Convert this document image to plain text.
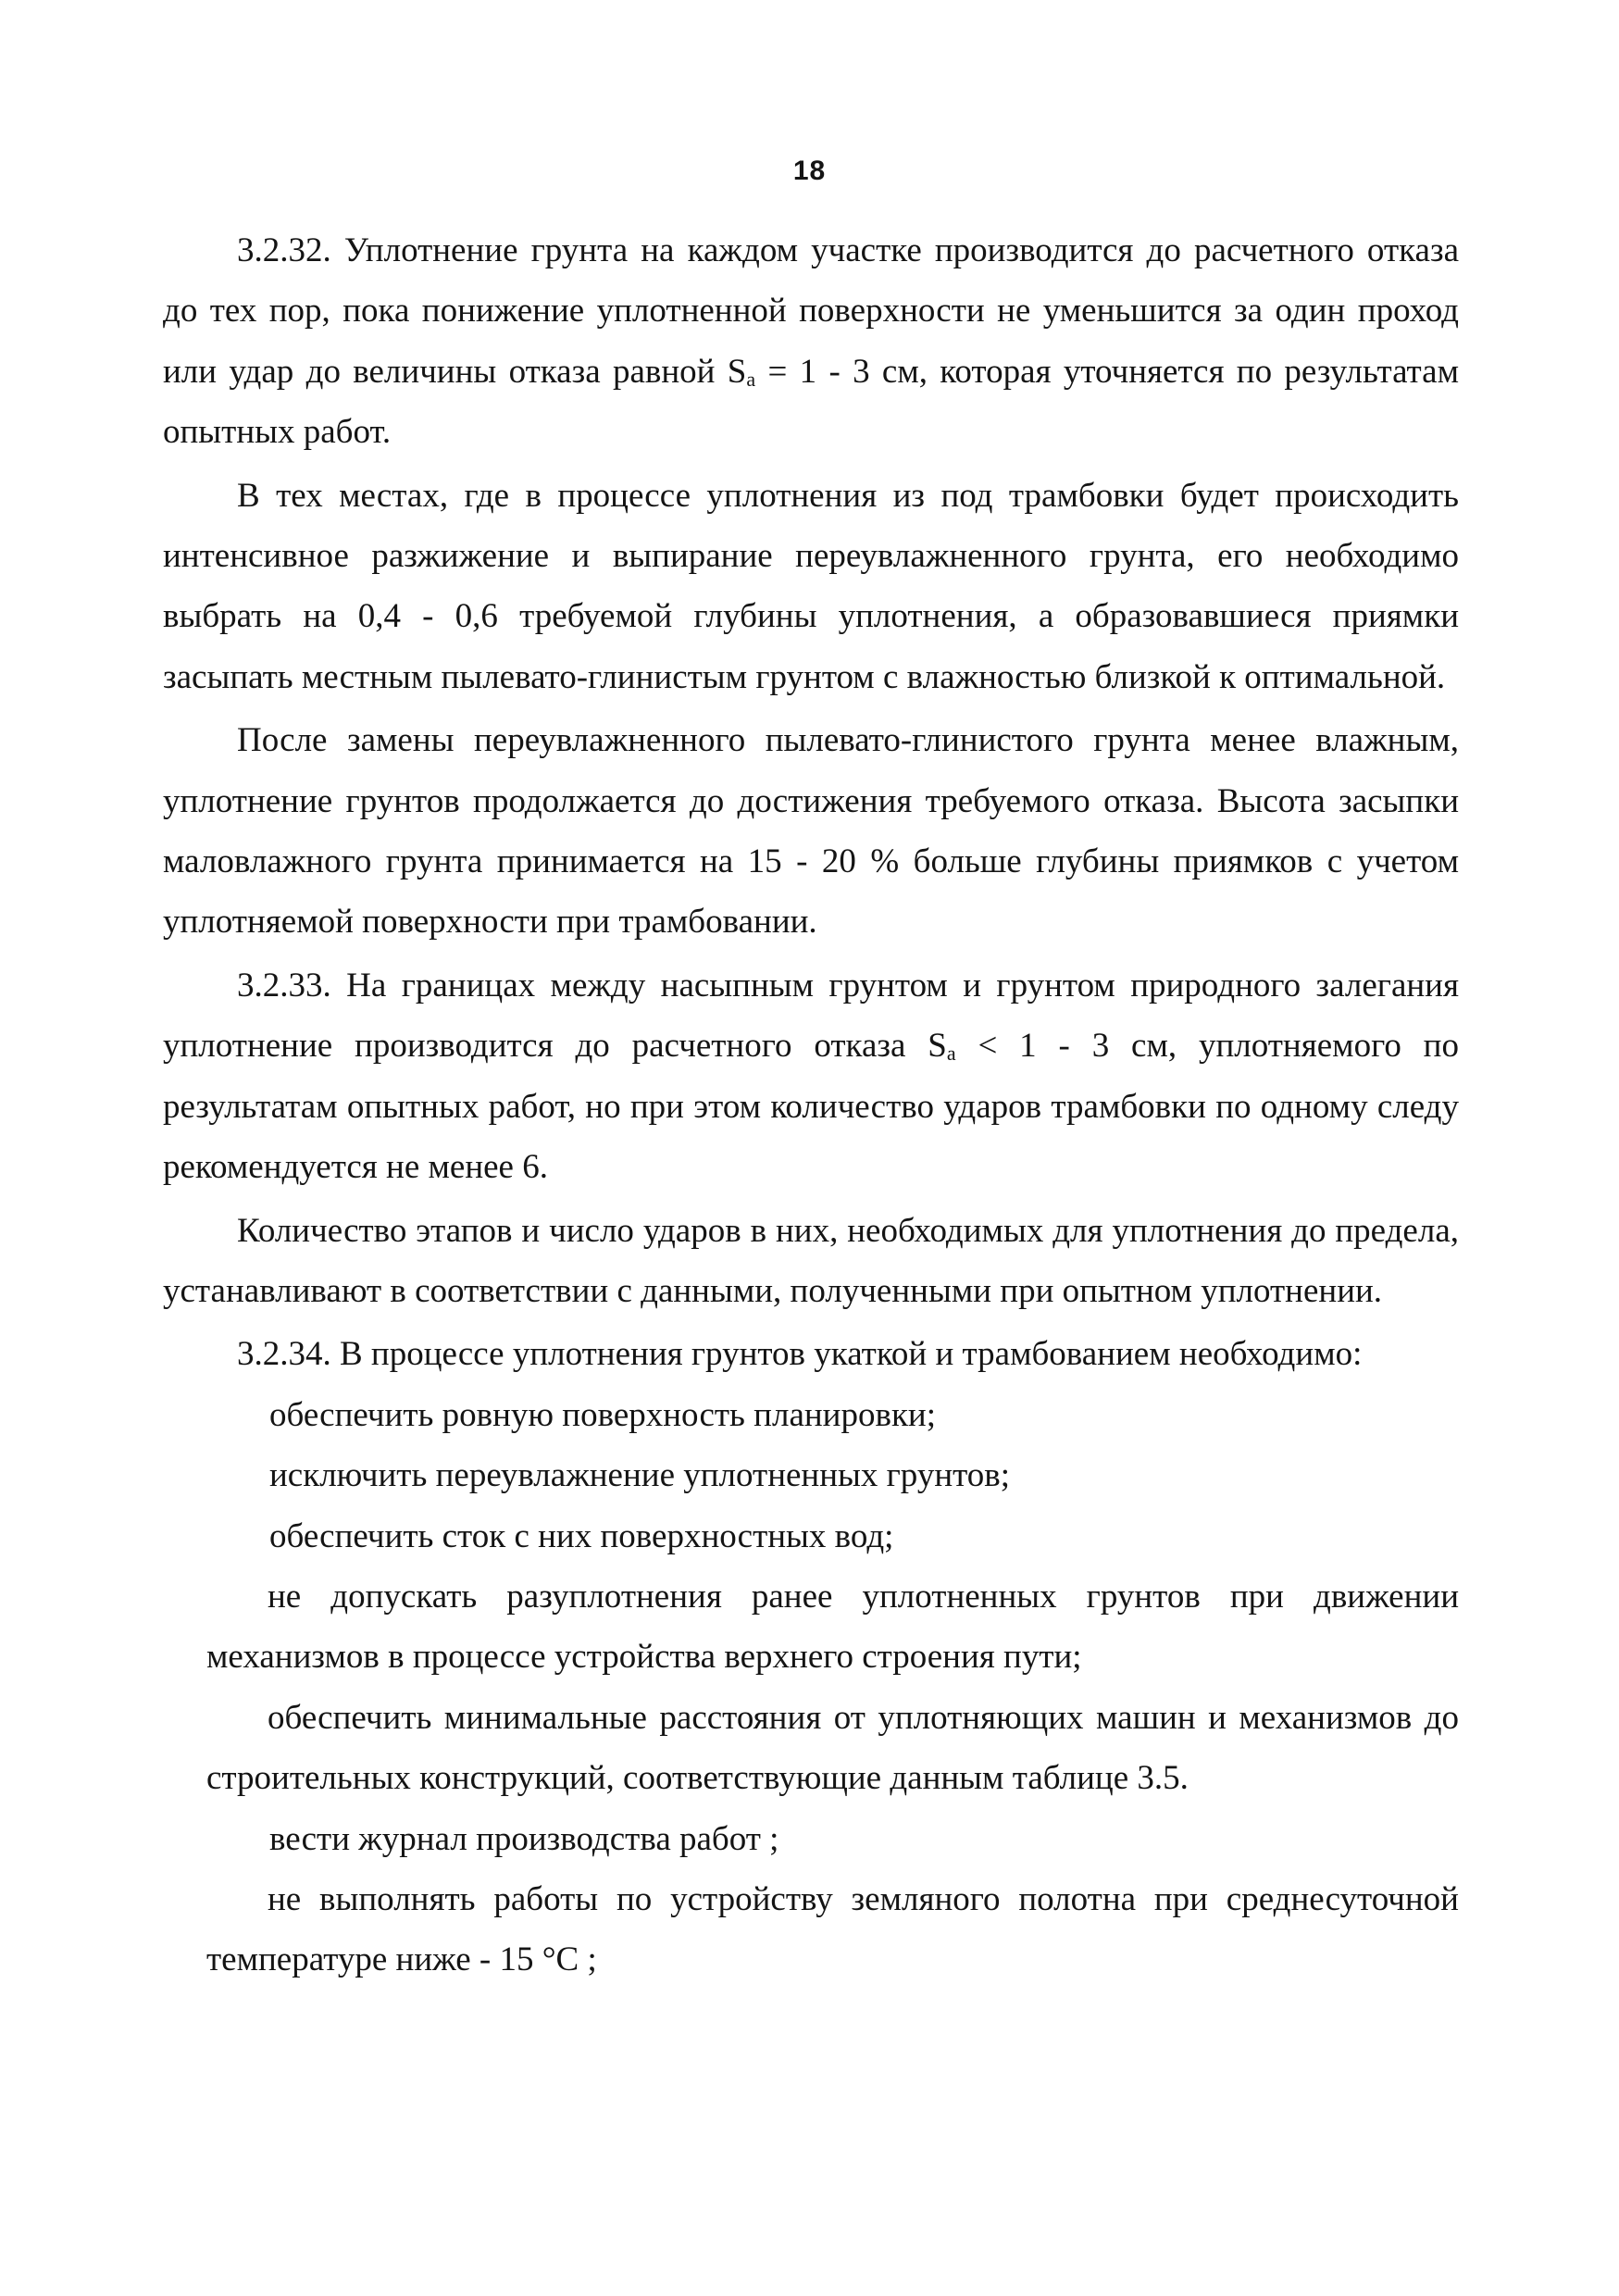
18

3.2.32. Уплотнение грунта на каждом участке производится до расчетного отказа до тех пор, пока понижение уплотненной поверхности не уменьшится за один проход или удар до величины отказа равной $S_a = 1 - 3$ см, которая уточняется по результатам опытных работ.

В тех местах, где в процессе уплотнения из под трамбовки будет происходить интенсивное разжижение и выпирание переувлажненного грунта, его необходимо выбрать на 0,4 - 0,6 требуемой глубины уплотнения, а образовавшиеся приямки засыпать местным пылевато-глинистым грунтом с влажностью близкой к оптимальной.

После замены переувлажненного пылевато-глинистого грунта менее влажным, уплотнение грунтов продолжается до достижения требуемого отказа. Высота засыпки маловлажного грунта принимается на 15 - 20 % больше глубины приямков с учетом уплотняемой поверхности при трамбовании.

3.2.33. На границах между насыпным грунтом и грунтом природного залегания уплотнение производится до расчетного отказа $S_a < 1 - 3$ см, уплотняемого по результатам опытных работ, но при этом количество ударов трамбовки по одному следу рекомендуется не менее 6.

Количество этапов и число ударов в них, необходимых для уплотнения до предела, устанавливают в соответствии с данными, полученными при опытном уплотнении.

3.2.34. В процессе уплотнения грунтов укаткой и трамбованием необходимо:

обеспечить ровную поверхность планировки;

исключить переувлажнение уплотненных грунтов;

обеспечить сток с них поверхностных вод;

не допускать разуплотнения ранее уплотненных грунтов при движении механизмов в процессе устройства верхнего строения пути;

обеспечить минимальные расстояния от уплотняющих машин и механизмов до строительных конструкций, соответствующие данным таблице 3.5.

вести журнал производства работ ;

не выполнять работы по устройству земляного полотна при среднесуточной температуре ниже - 15 °С ;
